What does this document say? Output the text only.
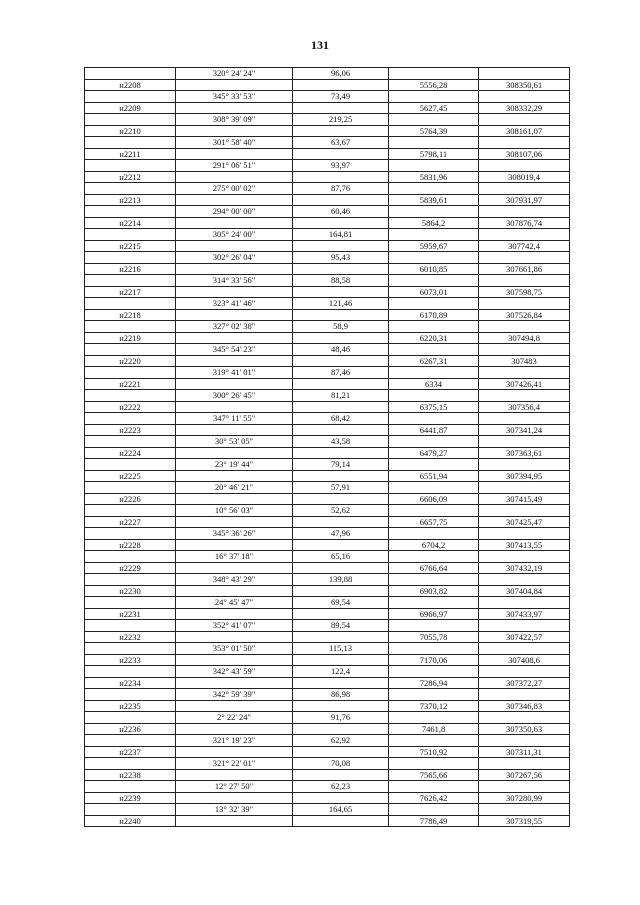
131
	320° 24' 24"	96,06		
н2208			5556,28	308350,61
	345° 33' 53"	73,49		
н2209			5627,45	308332,29
	308° 39' 09"	219,25		
н2210			5764,39	308161,07
	301° 58' 40"	63,67		
н2211			5798,11	308107,06
	291° 06' 51"	93,97		
н2212			5831,96	308019,4
	275° 00' 02"	87,76		
н2213			5839,61	307931,97
	294° 00' 00"	60,46		
н2214			5864,2	307876,74
	305° 24' 00"	164,81		
н2215			5959,67	307742,4
	302° 26' 04"	95,43		
н2216			6010,85	307661,86
	314° 33' 56"	88,58		
н2217			6073,01	307598,75
	323° 41' 46"	121,46		
н2218			6170,89	307526,84
	327° 02' 38"	58,9		
н2219			6220,31	307494,8
	345° 54' 23"	48,46		
н2220			6267,31	307483
	319° 41' 01"	87,46		
н2221			6334	307426,41
	300° 26' 45"	81,21		
н2222			6375,15	307356,4
	347° 11' 55"	68,42		
н2223			6441,87	307341,24
	30° 53' 05"	43,58		
н2224			6479,27	307363,61
	23° 19' 44"	79,14		
н2225			6551,94	307394,95
	20° 46' 21"	57,91		
н2226			6606,09	307415,49
	10° 56' 03"	52,62		
н2227			6657,75	307425,47
	345° 36' 26"	47,96		
н2228			6704,2	307413,55
	16° 37' 18"	65,16		
н2229			6766,64	307432,19
	348° 43' 29"	139,88		
н2230			6903,82	307404,84
	24° 45' 47"	69,54		
н2231			6966,97	307433,97
	352° 41' 07"	89,54		
н2232			7055,78	307422,57
	353° 01' 50"	115,13		
н2233			7170,06	307408,6
	342° 43' 59"	122,4		
н2234			7286,94	307372,27
	342° 59' 39"	86,98		
н2235			7370,12	307346,83
	2° 22' 24"	91,76		
н2236			7461,8	307350,63
	321° 19' 23"	62,92		
н2237			7510,92	307311,31
	321° 22' 01"	70,08		
н2238			7565,66	307267,56
	12° 27' 50"	62,23		
н2239			7626,42	307280,99
	13° 32' 39"	164,65		
н2240			7786,49	307319,55
